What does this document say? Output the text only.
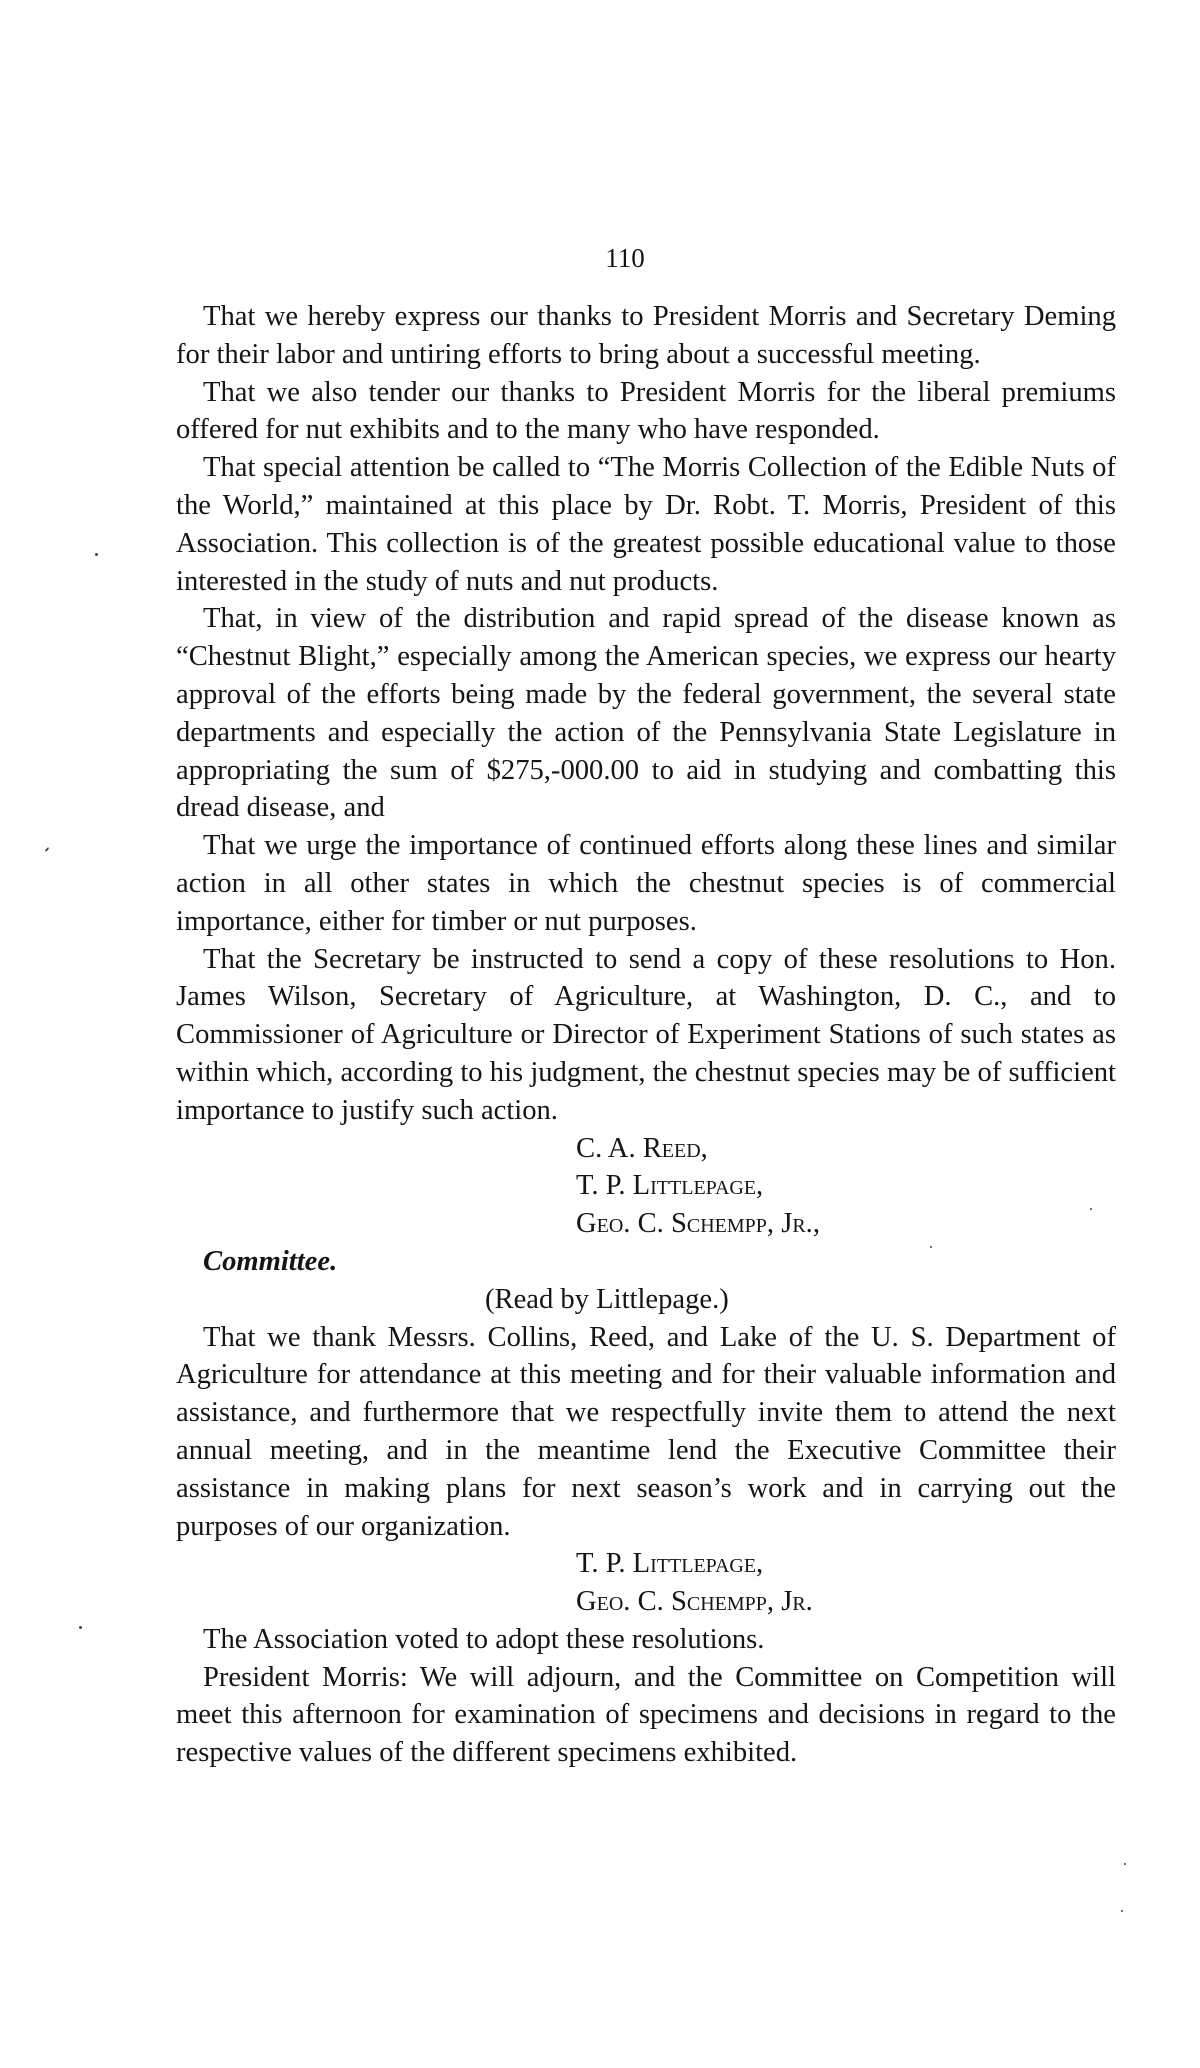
110

That we hereby express our thanks to President Morris and Secretary Deming for their labor and untiring efforts to bring about a successful meeting.

That we also tender our thanks to President Morris for the liberal premiums offered for nut exhibits and to the many who have responded.

That special attention be called to “The Morris Collection of the Edible Nuts of the World,” maintained at this place by Dr. Robt. T. Morris, President of this Association. This collection is of the greatest possible educational value to those interested in the study of nuts and nut products.

That, in view of the distribution and rapid spread of the disease known as “Chestnut Blight,” especially among the American species, we express our hearty approval of the efforts being made by the federal government, the several state departments and especially the action of the Pennsylvania State Legislature in appropriating the sum of $275,-000.00 to aid in studying and combatting this dread disease, and

That we urge the importance of continued efforts along these lines and similar action in all other states in which the chestnut species is of commercial importance, either for timber or nut purposes.

That the Secretary be instructed to send a copy of these resolutions to Hon. James Wilson, Secretary of Agriculture, at Washington, D. C., and to Commissioner of Agriculture or Director of Experiment Stations of such states as within which, according to his judgment, the chestnut species may be of sufficient importance to justify such action.

C. A. Reed,

T. P. Littlepage,

Geo. C. Schempp, Jr.,

Committee.

(Read by Littlepage.)

That we thank Messrs. Collins, Reed, and Lake of the U. S. Department of Agriculture for attendance at this meeting and for their valuable information and assistance, and furthermore that we respectfully invite them to attend the next annual meeting, and in the meantime lend the Executive Committee their assistance in making plans for next season’s work and in carrying out the purposes of our organization.

T. P. Littlepage,

Geo. C. Schempp, Jr.

The Association voted to adopt these resolutions.

President Morris: We will adjourn, and the Committee on Competition will meet this afternoon for examination of specimens and decisions in regard to the respective values of the different specimens exhibited.
